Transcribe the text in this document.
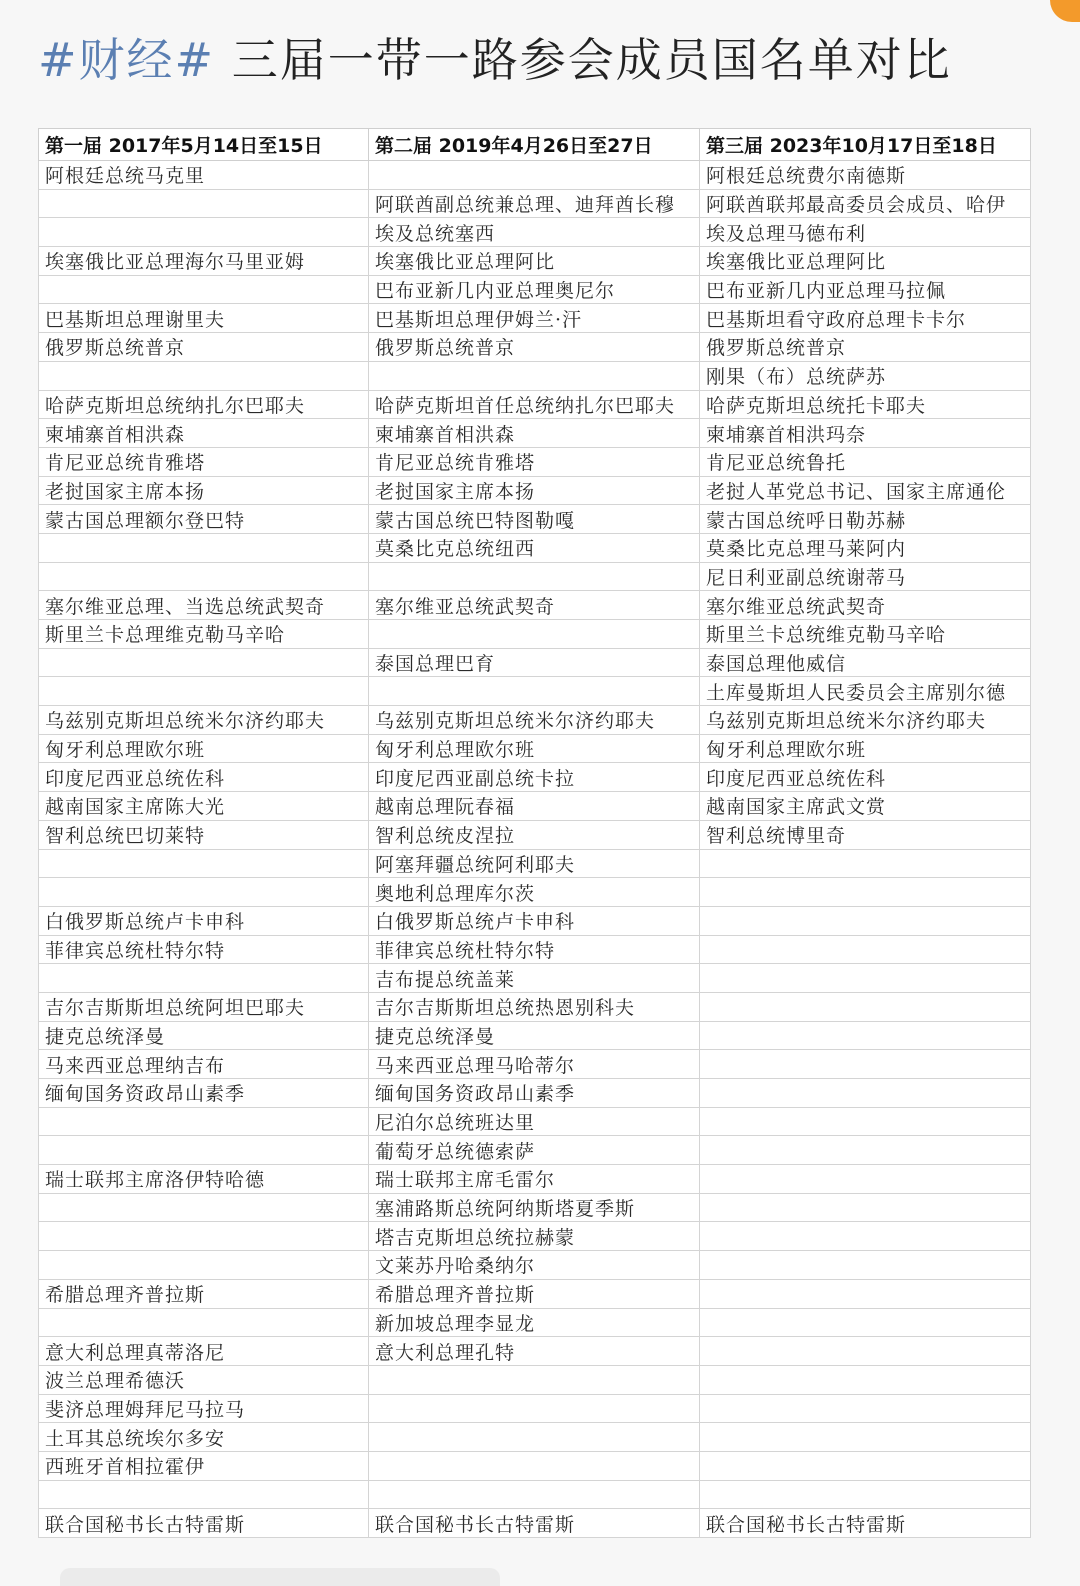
#财经# 三届一带一路参会成员国名单对比
第一届 2017年5月14日至15日	第二届 2019年4月26日至27日	第三届 2023年10月17日至18日
阿根廷总统马克里		阿根廷总统费尔南德斯
	阿联酋副总统兼总理、迪拜酋长穆	阿联酋联邦最高委员会成员、哈伊
	埃及总统塞西	埃及总理马德布利
埃塞俄比亚总理海尔马里亚姆	埃塞俄比亚总理阿比	埃塞俄比亚总理阿比
	巴布亚新几内亚总理奥尼尔	巴布亚新几内亚总理马拉佩
巴基斯坦总理谢里夫	巴基斯坦总理伊姆兰·汗	巴基斯坦看守政府总理卡卡尔
俄罗斯总统普京	俄罗斯总统普京	俄罗斯总统普京
		刚果（布）总统萨苏
哈萨克斯坦总统纳扎尔巴耶夫	哈萨克斯坦首任总统纳扎尔巴耶夫	哈萨克斯坦总统托卡耶夫
柬埔寨首相洪森	柬埔寨首相洪森	柬埔寨首相洪玛奈
肯尼亚总统肯雅塔	肯尼亚总统肯雅塔	肯尼亚总统鲁托
老挝国家主席本扬	老挝国家主席本扬	老挝人革党总书记、国家主席通伦
蒙古国总理额尔登巴特	蒙古国总统巴特图勒嘎	蒙古国总统呼日勒苏赫
	莫桑比克总统纽西	莫桑比克总理马莱阿内
		尼日利亚副总统谢蒂马
塞尔维亚总理、当选总统武契奇	塞尔维亚总统武契奇	塞尔维亚总统武契奇
斯里兰卡总理维克勒马辛哈		斯里兰卡总统维克勒马辛哈
	泰国总理巴育	泰国总理他威信
		土库曼斯坦人民委员会主席别尔德
乌兹别克斯坦总统米尔济约耶夫	乌兹别克斯坦总统米尔济约耶夫	乌兹别克斯坦总统米尔济约耶夫
匈牙利总理欧尔班	匈牙利总理欧尔班	匈牙利总理欧尔班
印度尼西亚总统佐科	印度尼西亚副总统卡拉	印度尼西亚总统佐科
越南国家主席陈大光	越南总理阮春福	越南国家主席武文赏
智利总统巴切莱特	智利总统皮涅拉	智利总统博里奇
	阿塞拜疆总统阿利耶夫	
	奥地利总理库尔茨	
白俄罗斯总统卢卡申科	白俄罗斯总统卢卡申科	
菲律宾总统杜特尔特	菲律宾总统杜特尔特	
	吉布提总统盖莱	
吉尔吉斯斯坦总统阿坦巴耶夫	吉尔吉斯斯坦总统热恩别科夫	
捷克总统泽曼	捷克总统泽曼	
马来西亚总理纳吉布	马来西亚总理马哈蒂尔	
缅甸国务资政昂山素季	缅甸国务资政昂山素季	
	尼泊尔总统班达里	
	葡萄牙总统德索萨	
瑞士联邦主席洛伊特哈德	瑞士联邦主席毛雷尔	
	塞浦路斯总统阿纳斯塔夏季斯	
	塔吉克斯坦总统拉赫蒙	
	文莱苏丹哈桑纳尔	
希腊总理齐普拉斯	希腊总理齐普拉斯	
	新加坡总理李显龙	
意大利总理真蒂洛尼	意大利总理孔特	
波兰总理希德沃		
斐济总理姆拜尼马拉马		
土耳其总统埃尔多安		
西班牙首相拉霍伊		

联合国秘书长古特雷斯	联合国秘书长古特雷斯	联合国秘书长古特雷斯
